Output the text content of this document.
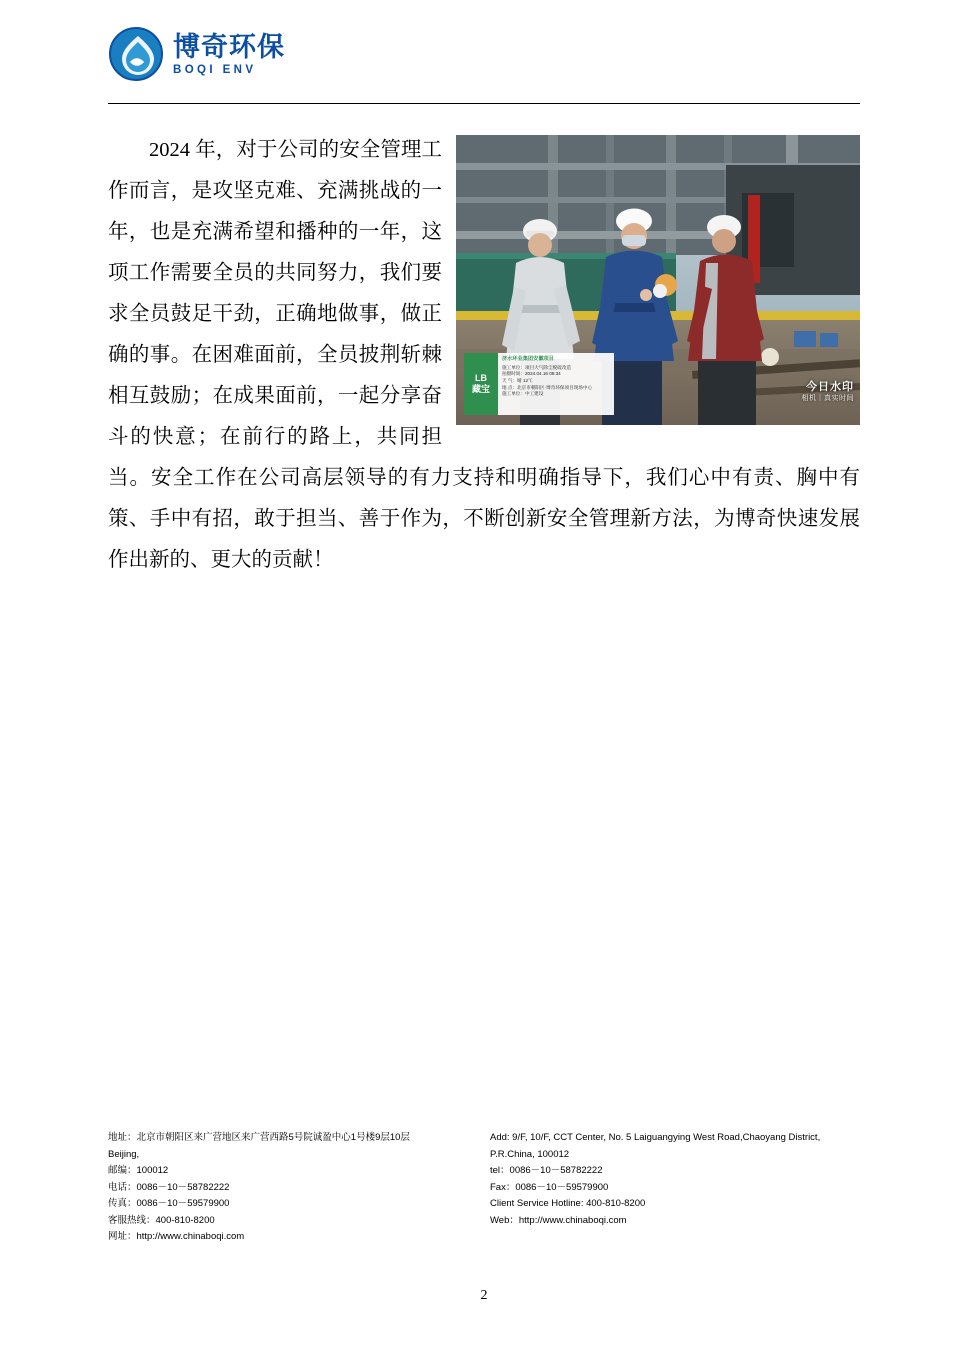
博奇环保
BOQI ENV
LB
藏宝
济水环业集团安徽项目
施工单位：项目大气除尘脱硫改造
拍摄时间：2024.04.16 09:34
天 气：晴 12℃
地 点：北京市朝阳区·博奇环保项目现场中心
施工单位：中工建设
今日水印
相机｜真实时间

2024 年，对于公司的安全管理工作而言，是攻坚克难、充满挑战的一年，也是充满希望和播种的一年，这项工作需要全员的共同努力，我们要求全员鼓足干劲，正确地做事，做正确的事。在困难面前，全员披荆斩棘相互鼓励；在成果面前，一起分享奋斗的快意；在前行的路上，共同担当。安全工作在公司高层领导的有力支持和明确指导下，我们心中有责、胸中有策、手中有招，敢于担当、善于作为，不断创新安全管理新方法，为博奇快速发展作出新的、更大的贡献！

地址：北京市朝阳区来广营地区来广营西路5号院诚盈中心1号楼9层10层
Beijing,
邮编：100012
电话：0086－10－58782222
传真：0086－10－59579900
客服热线：400-810-8200
网址：http://www.chinaboqi.com
Add: 9/F, 10/F, CCT Center, No. 5 Laiguangying West Road,Chaoyang District,
P.R.China, 100012
tel：0086－10－58782222
Fax：0086－10－59579900
Client Service Hotline: 400-810-8200
Web：http://www.chinaboqi.com
2
